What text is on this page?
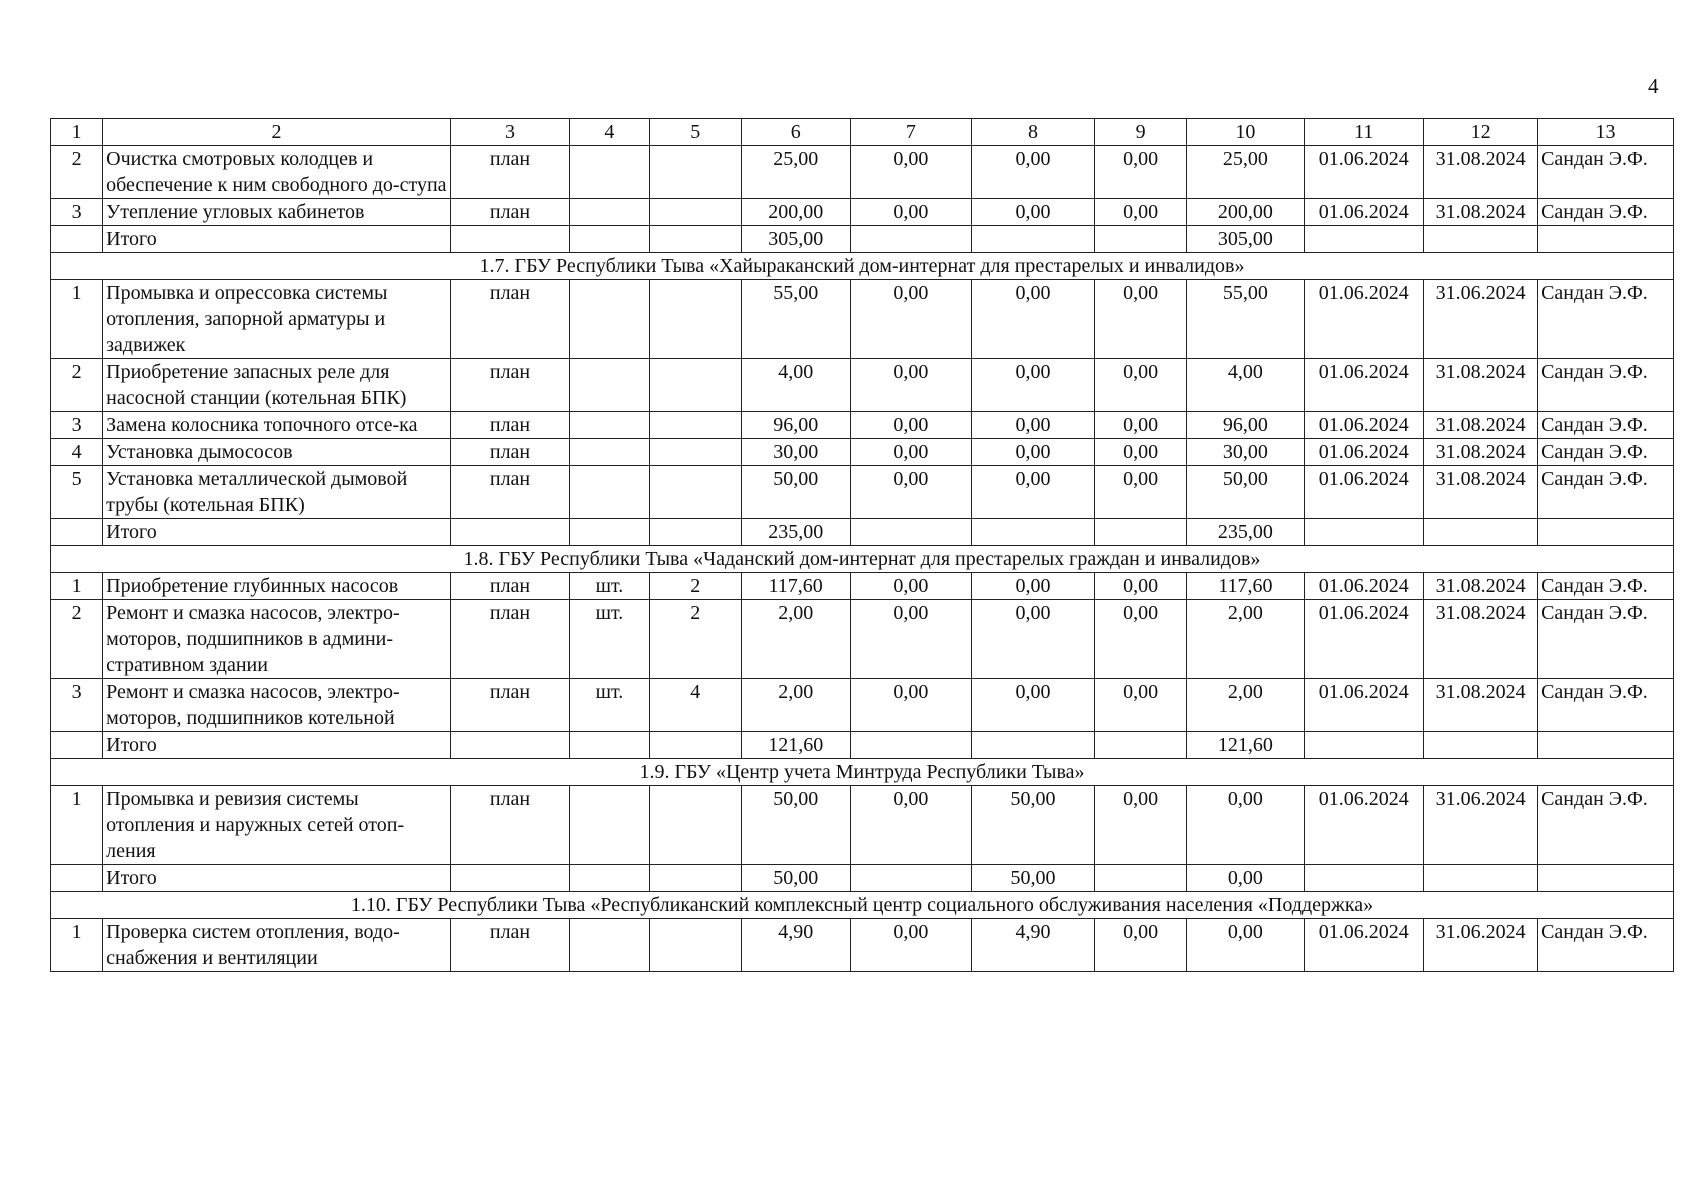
4
1	2	3	4	5	6	7	8	9	10	11	12	13
2	Очистка смотровых колодцев и обеспечение к ним свободного до-ступа	план			25,00	0,00	0,00	0,00	25,00	01.06.2024	31.08.2024	Сандан Э.Ф.
3	Утепление угловых кабинетов	план			200,00	0,00	0,00	0,00	200,00	01.06.2024	31.08.2024	Сандан Э.Ф.
	Итого				305,00				305,00			
1.7. ГБУ Республики Тыва «Хайыраканский дом-интернат для престарелых и инвалидов»												
1	Промывка и опрессовка системы отопления, запорной арматуры и задвижек	план			55,00	0,00	0,00	0,00	55,00	01.06.2024	31.06.2024	Сандан Э.Ф.
2	Приобретение запасных реле для насосной станции (котельная БПК)	план			4,00	0,00	0,00	0,00	4,00	01.06.2024	31.08.2024	Сандан Э.Ф.
3	Замена колосника топочного отсе-ка	план			96,00	0,00	0,00	0,00	96,00	01.06.2024	31.08.2024	Сандан Э.Ф.
4	Установка дымососов	план			30,00	0,00	0,00	0,00	30,00	01.06.2024	31.08.2024	Сандан Э.Ф.
5	Установка металлической дымовой трубы (котельная БПК)	план			50,00	0,00	0,00	0,00	50,00	01.06.2024	31.08.2024	Сандан Э.Ф.
	Итого				235,00				235,00			
1.8. ГБУ Республики Тыва «Чаданский дом-интернат для престарелых граждан и инвалидов»												
1	Приобретение глубинных насосов	план	шт.	2	117,60	0,00	0,00	0,00	117,60	01.06.2024	31.08.2024	Сандан Э.Ф.
2	Ремонт и смазка насосов, электро-моторов, подшипников в админи-стративном здании	план	шт.	2	2,00	0,00	0,00	0,00	2,00	01.06.2024	31.08.2024	Сандан Э.Ф.
3	Ремонт и смазка насосов, электро-моторов, подшипников котельной	план	шт.	4	2,00	0,00	0,00	0,00	2,00	01.06.2024	31.08.2024	Сандан Э.Ф.
	Итого				121,60				121,60			
1.9. ГБУ «Центр учета Минтруда Республики Тыва»												
1	Промывка и ревизия системы отопления и наружных сетей отоп-ления	план			50,00	0,00	50,00	0,00	0,00	01.06.2024	31.06.2024	Сандан Э.Ф.
	Итого				50,00		50,00		0,00			
1.10. ГБУ Республики Тыва «Республиканский комплексный центр социального обслуживания населения «Поддержка»												
1	Проверка систем отопления, водо-снабжения и вентиляции	план			4,90	0,00	4,90	0,00	0,00	01.06.2024	31.06.2024	Сандан Э.Ф.
